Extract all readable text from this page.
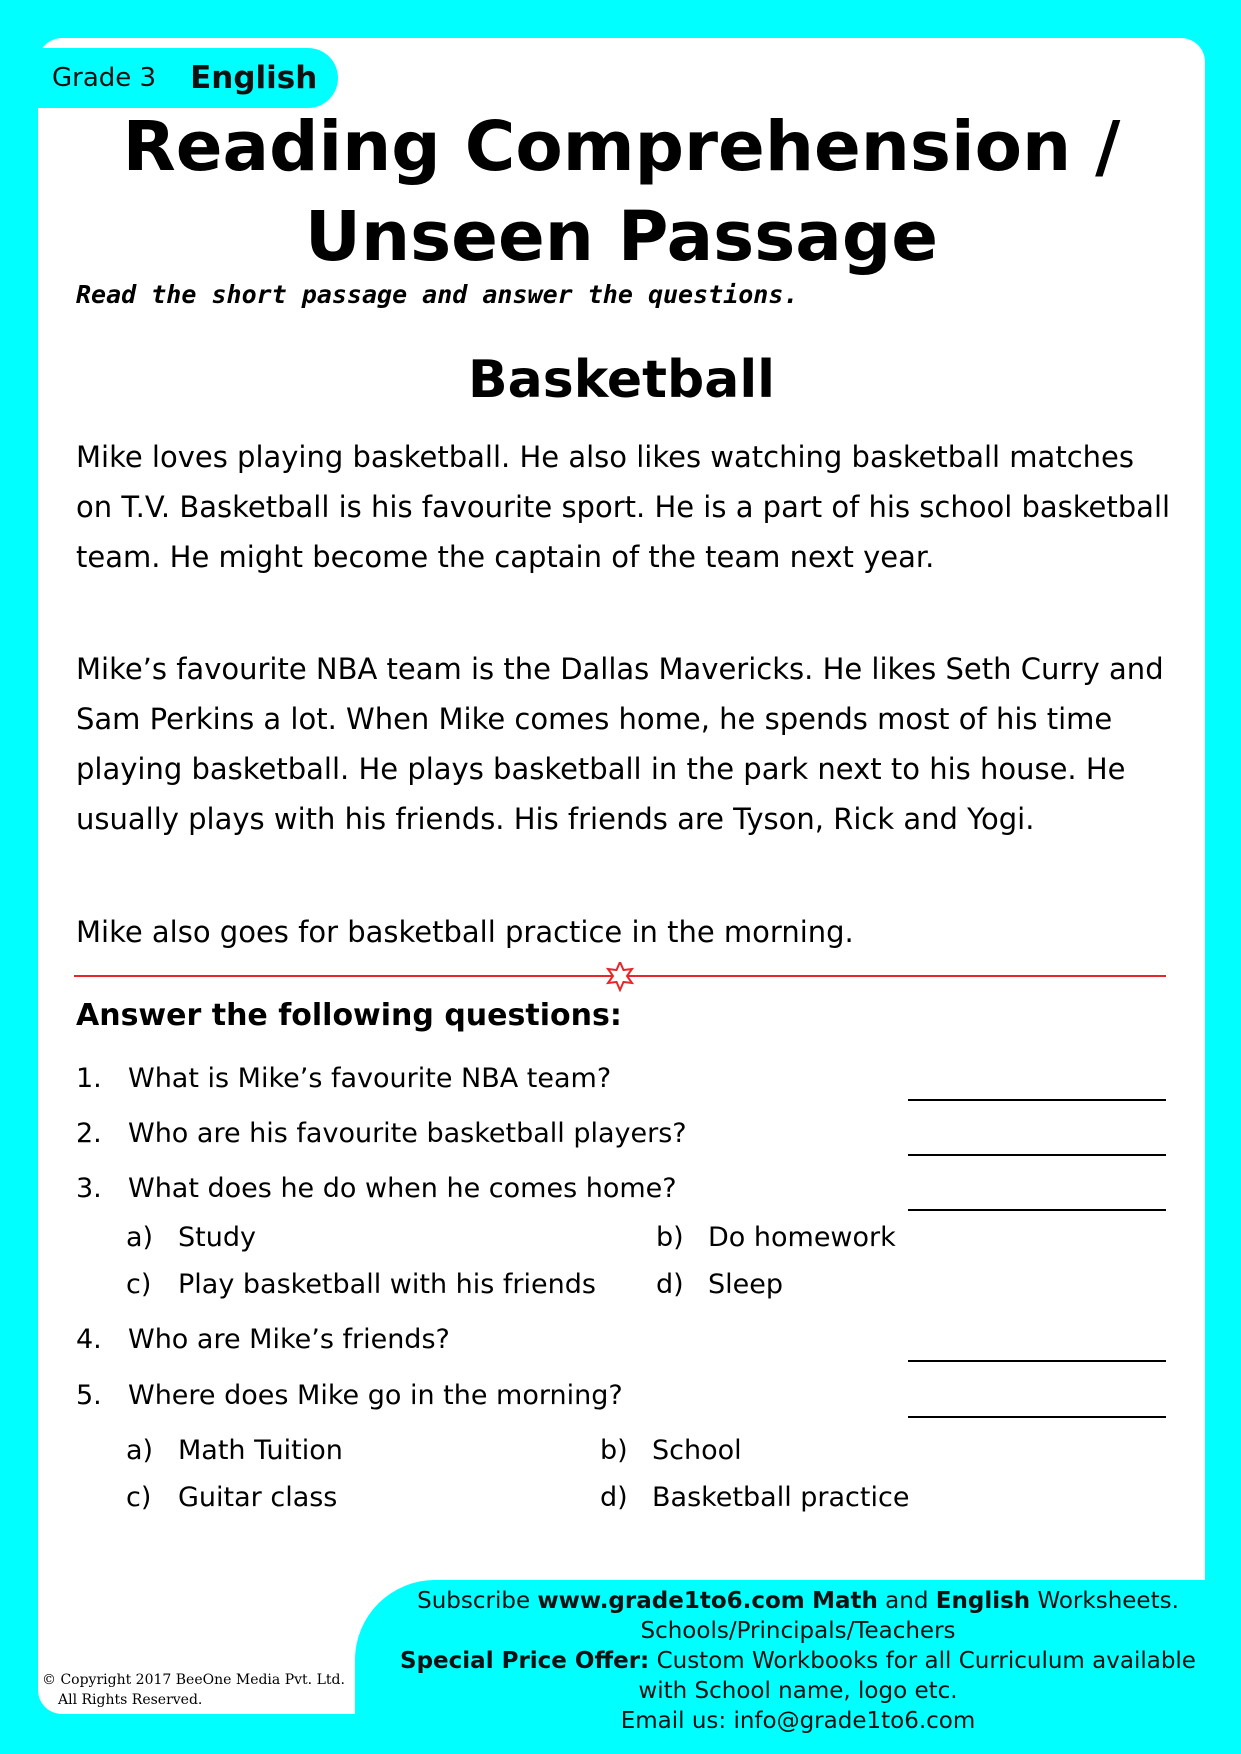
Grade 3 English
Reading Comprehension /
Unseen Passage
Read the short passage and answer the questions.
Basketball

Mike loves playing basketball. He also likes watching basketball matches on T.V. Basketball is his favourite sport. He is a part of his school basketball team. He might become the captain of the team next year.

Mike’s favourite NBA team is the Dallas Mavericks. He likes Seth Curry and Sam Perkins a lot. When Mike comes home, he spends most of his time playing basketball. He plays basketball in the park next to his house. He usually plays with his friends. His friends are Tyson, Rick and Yogi.

Mike also goes for basketball practice in the morning.

Answer the following questions:
1. What is Mike’s favourite NBA team?
2. Who are his favourite basketball players?
3. What does he do when he comes home?
a) Study	b) Do homework
c) Play basketball with his friends d) Sleep
4. Who are Mike’s friends?
5. Where does Mike go in the morning?
a) Math Tuition	b) School
c) Guitar class	d) Basketball practice
Subscribe www.grade1to6.com Math and English Worksheets.
Schools/Principals/Teachers
Special Price Offer: Custom Workbooks for all Curriculum available
with School name, logo etc.
Email us: info@grade1to6.com
© Copyright 2017 BeeOne Media Pvt. Ltd.
All Rights Reserved.
